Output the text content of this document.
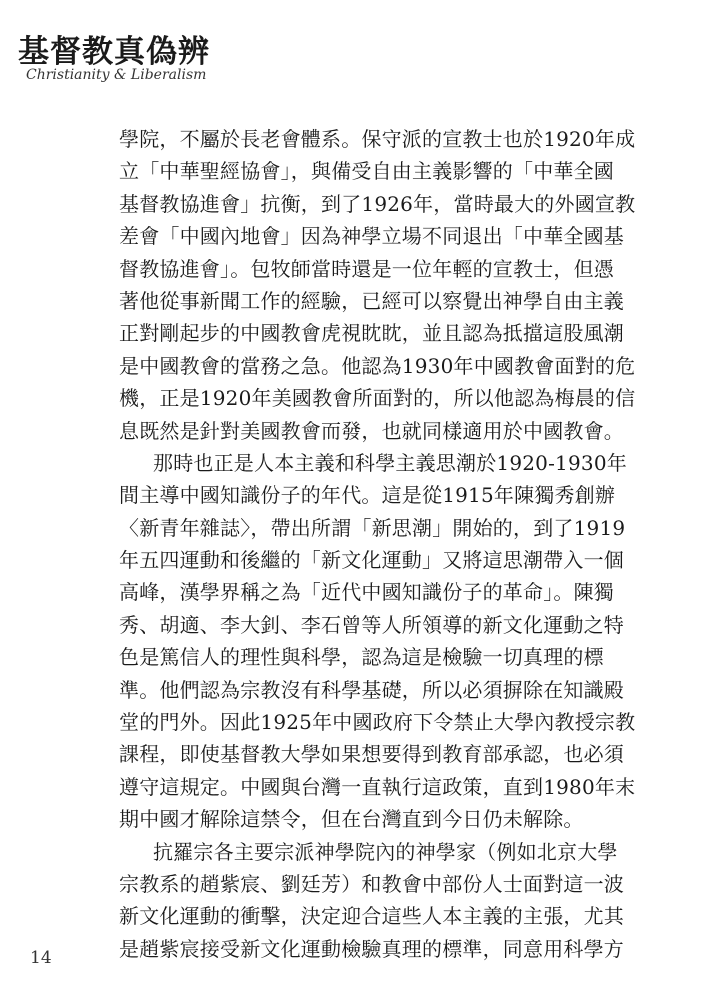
基督教真偽辨
Christianity & Liberalism
學院，不屬於長老會體系。保守派的宣教士也於1920年成
立「中華聖經協會」，與備受自由主義影響的「中華全國
基督教協進會」抗衡，到了1926年，當時最大的外國宣教
差會「中國內地會」因為神學立場不同退出「中華全國基
督教協進會」。包牧師當時還是一位年輕的宣教士，但憑
著他從事新聞工作的經驗，已經可以察覺出神學自由主義
正對剛起步的中國教會虎視眈眈，並且認為抵擋這股風潮
是中國教會的當務之急。他認為1930年中國教會面對的危
機，正是1920年美國教會所面對的，所以他認為梅晨的信
息既然是針對美國教會而發，也就同樣適用於中國教會。
那時也正是人本主義和科學主義思潮於1920-1930年
間主導中國知識份子的年代。這是從1915年陳獨秀創辦
〈新青年雜誌〉，帶出所謂「新思潮」開始的，到了1919
年五四運動和後繼的「新文化運動」又將這思潮帶入一個
高峰，漢學界稱之為「近代中國知識份子的革命」。陳獨
秀、胡適、李大釗、李石曾等人所領導的新文化運動之特
色是篤信人的理性與科學，認為這是檢驗一切真理的標
準。他們認為宗教沒有科學基礎，所以必須摒除在知識殿
堂的門外。因此1925年中國政府下令禁止大學內教授宗教
課程，即使基督教大學如果想要得到教育部承認，也必須
遵守這規定。中國與台灣一直執行這政策，直到1980年末
期中國才解除這禁令，但在台灣直到今日仍未解除。
抗羅宗各主要宗派神學院內的神學家（例如北京大學
宗教系的趙紫宸、劉廷芳）和教會中部份人士面對這一波
新文化運動的衝擊，決定迎合這些人本主義的主張，尤其
是趙紫宸接受新文化運動檢驗真理的標準，同意用科學方
14
